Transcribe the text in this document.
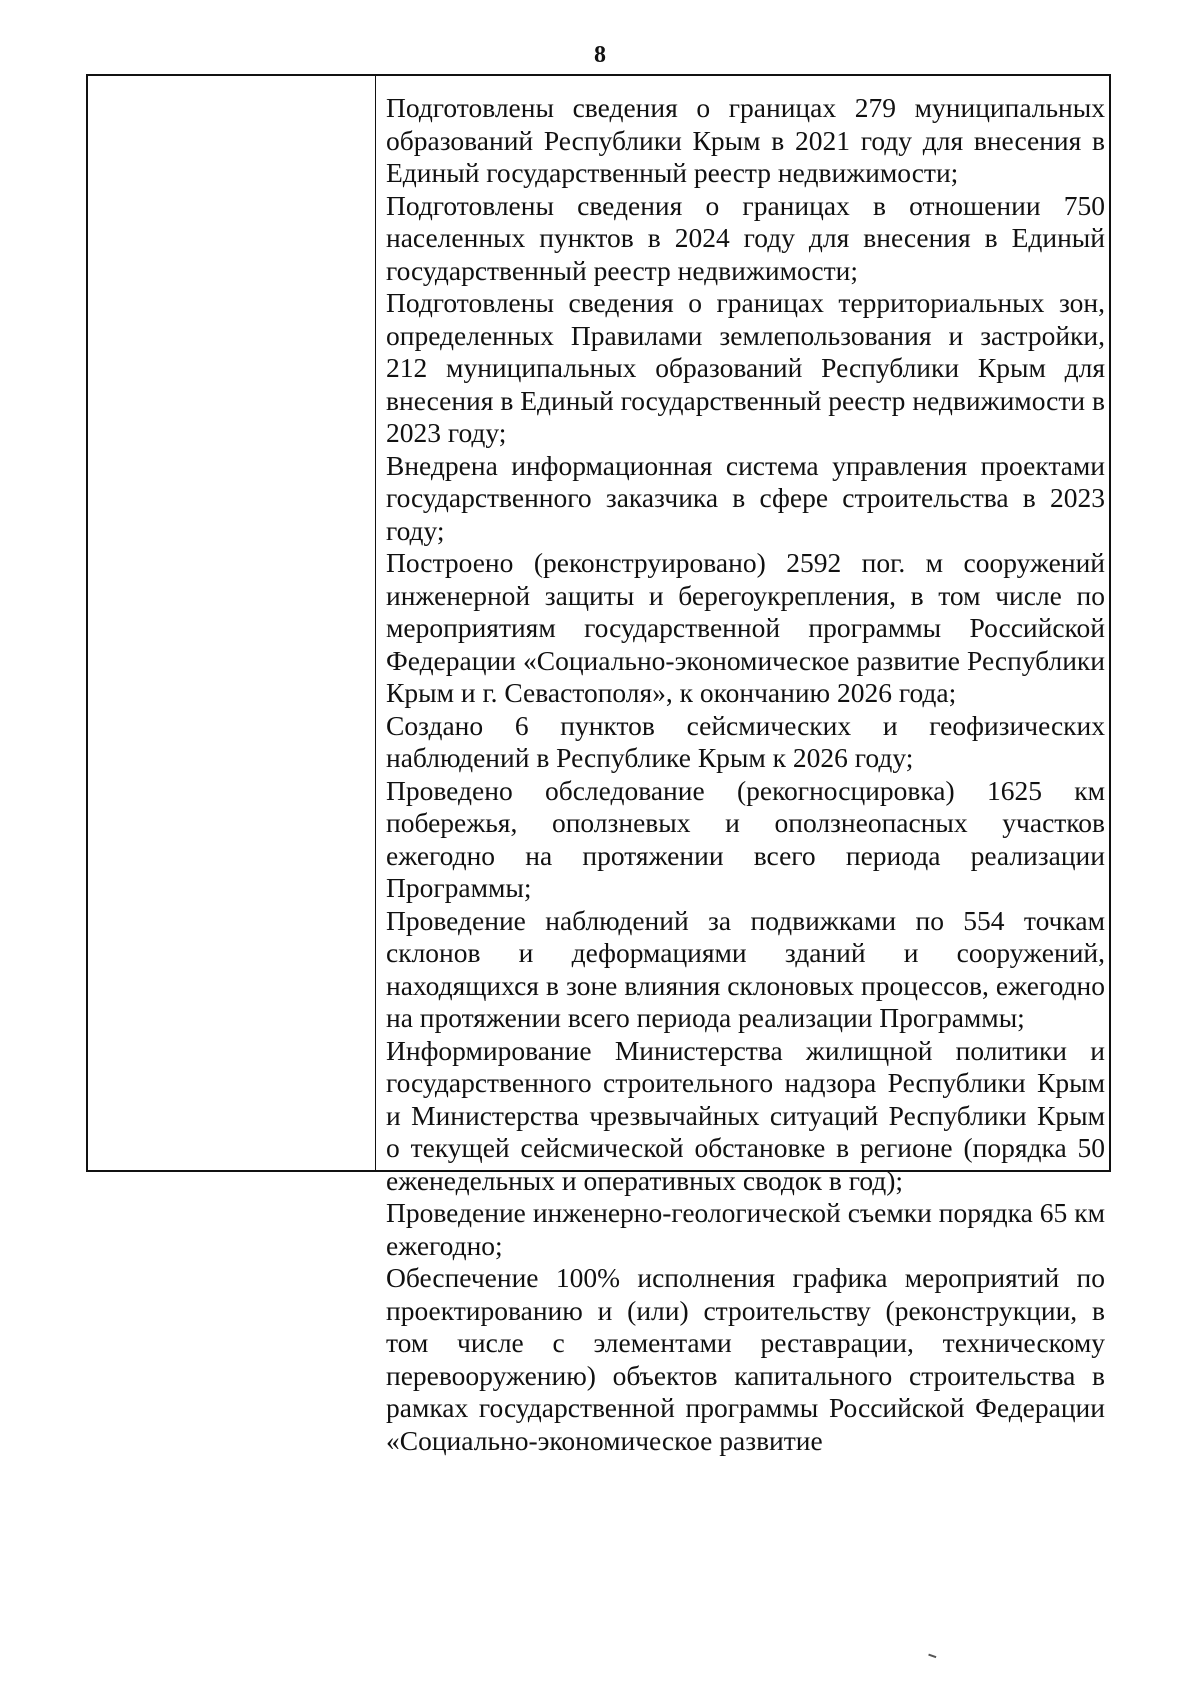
8

Подготовлены сведения о границах 279 муниципальных образований Республики Крым в 2021 году для внесения в Единый государственный реестр недвижимости;

Подготовлены сведения о границах в отношении 750 населенных пунктов в 2024 году для внесения в Единый государственный реестр недвижимости;

Подготовлены сведения о границах территориальных зон, определенных Правилами землепользования и застройки, 212 муниципальных образований Республики Крым для внесения в Единый государственный реестр недвижимости в 2023 году;

Внедрена информационная система управления проектами государственного заказчика в сфере строительства в 2023 году;

Построено (реконструировано) 2592 пог. м сооружений инженерной защиты и берегоукрепления, в том числе по мероприятиям государственной программы Российской Федерации «Социально-экономическое развитие Республики Крым и г. Севастополя», к окончанию 2026 года;

Создано 6 пунктов сейсмических и геофизических наблюдений в Республике Крым к 2026 году;

Проведено обследование (рекогносцировка) 1625 км побережья, оползневых и оползнеопасных участков ежегодно на протяжении всего периода реализации Программы;

Проведение наблюдений за подвижками по 554 точкам склонов и деформациями зданий и сооружений, находящихся в зоне влияния склоновых процессов, ежегодно на протяжении всего периода реализации Программы;

Информирование Министерства жилищной политики и государственного строительного надзора Республики Крым и Министерства чрезвычайных ситуаций Республики Крым о текущей сейсмической обстановке в регионе (порядка 50 еженедельных и оперативных сводок в год);

Проведение инженерно-геологической съемки порядка 65 км ежегодно;

Обеспечение 100% исполнения графика мероприятий по проектированию и (или) строительству (реконструкции, в том числе с элементами реставрации, техническому перевооружению) объектов капитального строительства в рамках государственной программы Российской Федерации «Социально-экономическое развитие
